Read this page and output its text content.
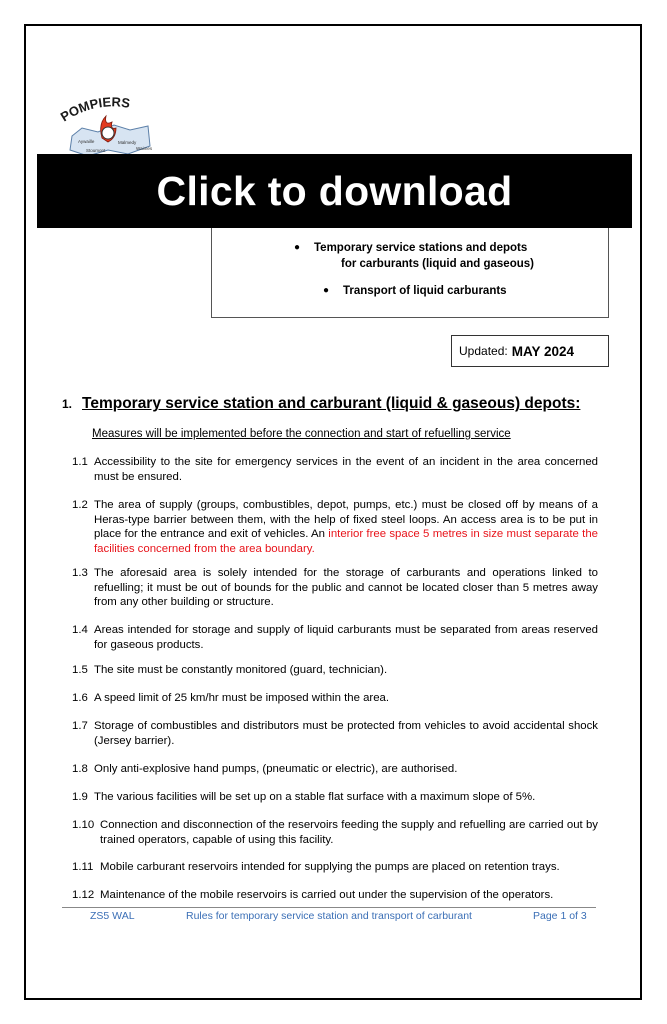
POMPIERS
Aywaille
Stoumont
Malmedy
Waimes
Click to download
●	Temporary service stations and depots
for carburants (liquid and gaseous)
●	Transport of liquid carburants
Updated: MAY 2024
1. Temporary service station and carburant (liquid & gaseous) depots:
Measures will be implemented before the connection and start of refuelling service
1.1 Accessibility to the site for emergency services in the event of an incident in the area concerned must be ensured.
1.2 The area of supply (groups, combustibles, depot, pumps, etc.) must be closed off by means of a Heras-type barrier between them, with the help of fixed steel loops. An access area is to be put in place for the entrance and exit of vehicles. An interior free space 5 metres in size must separate the facilities concerned from the area boundary.
1.3 The aforesaid area is solely intended for the storage of carburants and operations linked to refuelling; it must be out of bounds for the public and cannot be located closer than 5 metres away from any other building or structure.
1.4 Areas intended for storage and supply of liquid carburants must be separated from areas reserved for gaseous products.
1.5 The site must be constantly monitored (guard, technician).
1.6 A speed limit of 25 km/hr must be imposed within the area.
1.7 Storage of combustibles and distributors must be protected from vehicles to avoid accidental shock (Jersey barrier).
1.8 Only anti-explosive hand pumps, (pneumatic or electric), are authorised.
1.9 The various facilities will be set up on a stable flat surface with a maximum slope of 5%.
1.10 Connection and disconnection of the reservoirs feeding the supply and refuelling are carried out by trained operators, capable of using this facility.
1.11 Mobile carburant reservoirs intended for supplying the pumps are placed on retention trays.
1.12 Maintenance of the mobile reservoirs is carried out under the supervision of the operators.
ZS5 WAL	Rules for temporary service station and transport of carburant	Page 1 of 3
